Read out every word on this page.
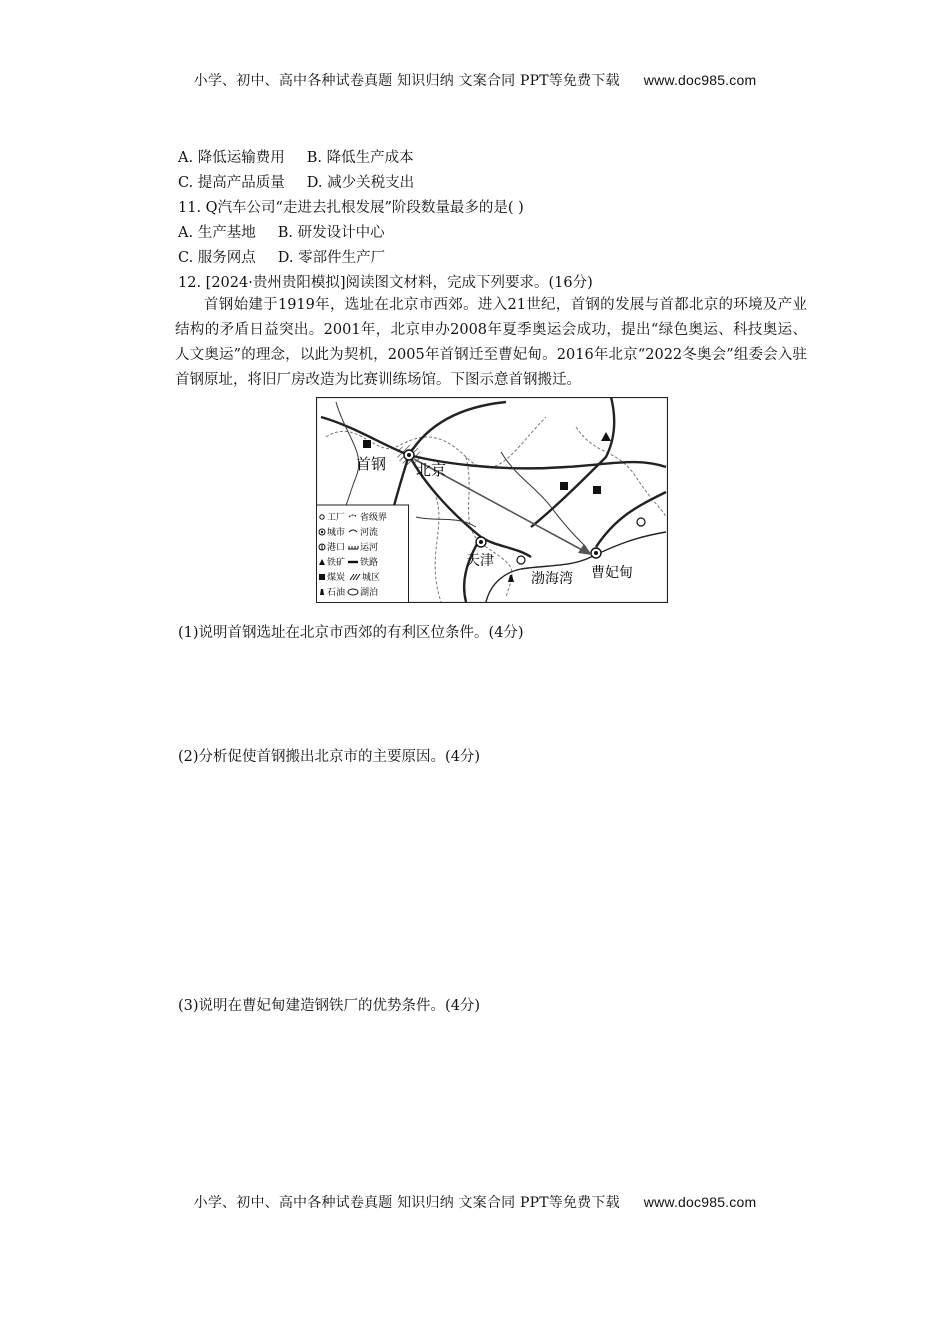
小学、初中、高中各种试卷真题 知识归纳 文案合同 PPT等免费下载 www.doc985.com
A. 降低运输费用 B. 降低生产成本
C. 提高产品质量 D. 减少关税支出
11. Q汽车公司“走进去扎根发展”阶段数量最多的是( )
A. 生产基地 B. 研发设计中心
C. 服务网点 D. 零部件生产厂
12. [2024·贵州贵阳模拟]阅读图文材料，完成下列要求。(16分)
首钢始建于1919年，选址在北京市西郊。进入21世纪，首钢的发展与首都北京的环境及产业结构的矛盾日益突出。2001年，北京申办2008年夏季奥运会成功，提出“绿色奥运、科技奥运、人文奥运”的理念，以此为契机，2005年首钢迁至曹妃甸。2016年北京“2022冬奥会”组委会入驻首钢原址，将旧厂房改造为比赛训练场馆。下图示意首钢搬迁。
首钢 北京
天津
渤海湾 曹妃甸
工厂 省级界
城市 河流
港口 运河
铁矿 铁路
煤炭 城区
石油 湖泊
(1)说明首钢选址在北京市西郊的有利区位条件。(4分)
(2)分析促使首钢搬出北京市的主要原因。(4分)
(3)说明在曹妃甸建造钢铁厂的优势条件。(4分)
小学、初中、高中各种试卷真题 知识归纳 文案合同 PPT等免费下载 www.doc985.com
